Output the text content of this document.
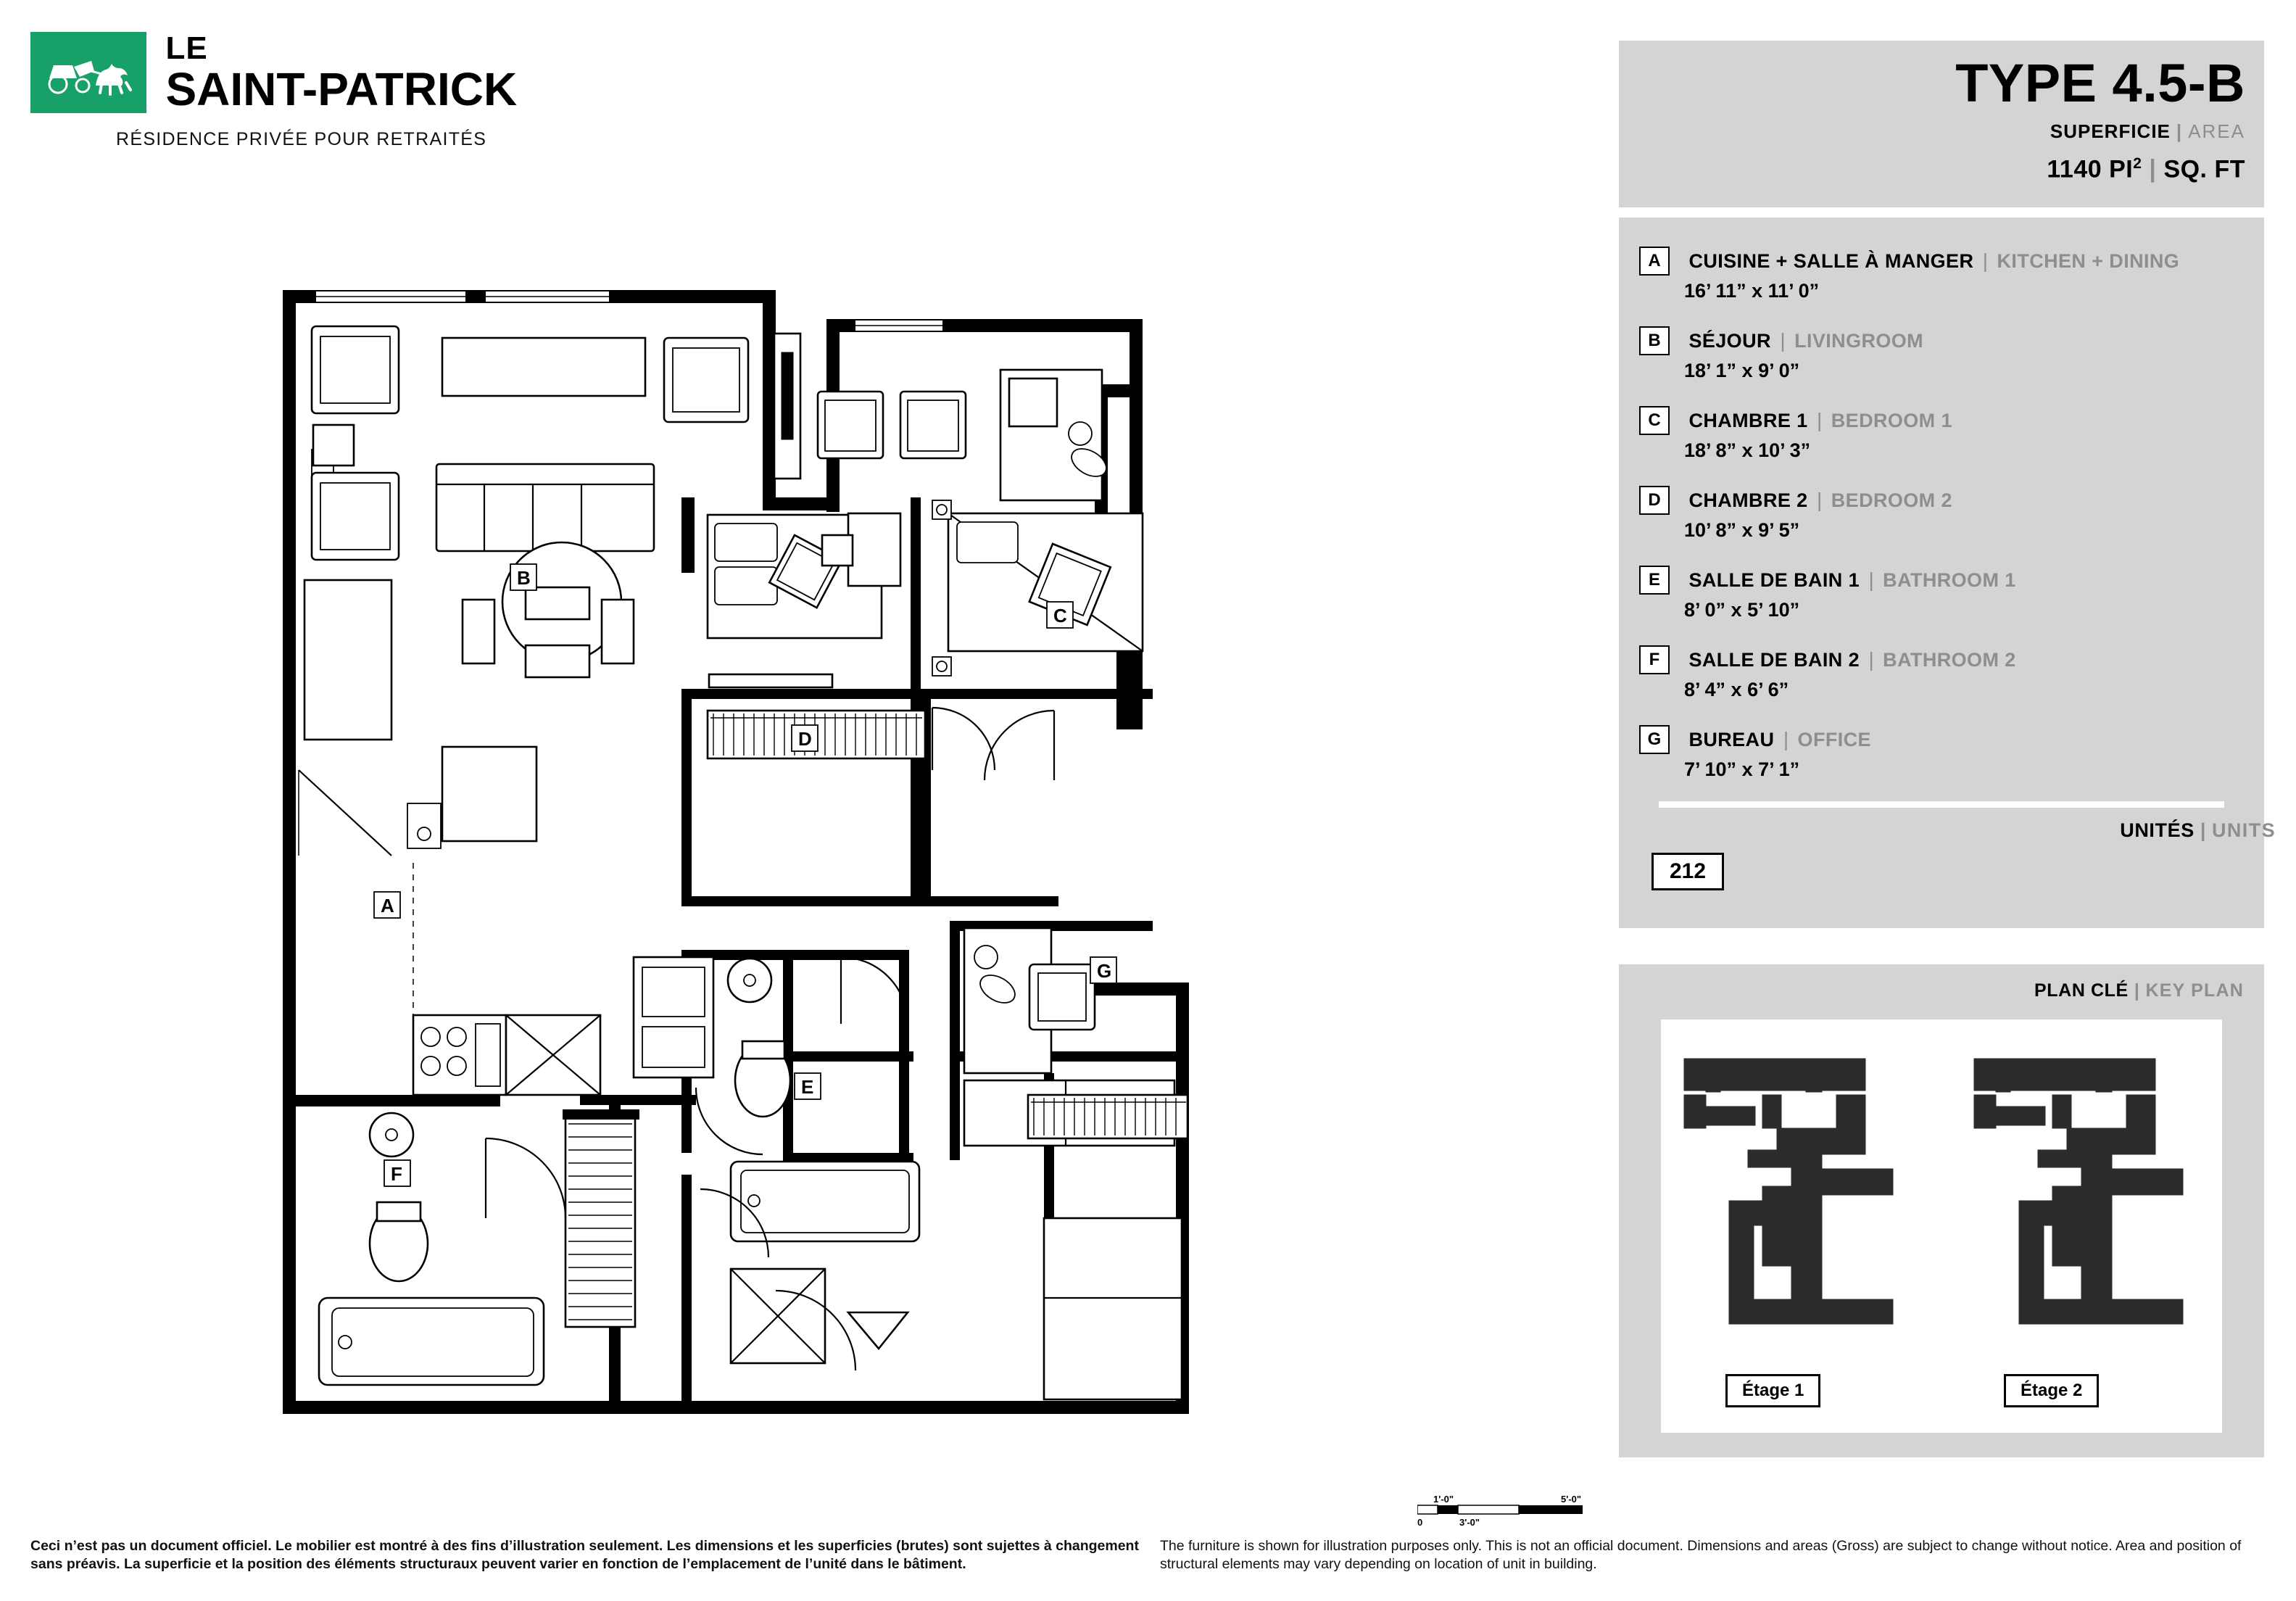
LE
SAINT-PATRICK
RÉSIDENCE PRIVÉE POUR RETRAITÉS
TYPE 4.5-B
SUPERFICIE | AREA
1140 $PI^2$ | SQ. FT
A CUISINE + SALLE À MANGER | KITCHEN + DINING
16’ 11” x 11’ 0”
B SÉJOUR | LIVINGROOM
18’ 1” x 9’ 0”
C CHAMBRE 1 | BEDROOM 1
18’ 8” x 10’ 3”
D CHAMBRE 2 | BEDROOM 2
10’ 8” x 9’ 5”
E SALLE DE BAIN 1 | BATHROOM 1
8’ 0” x 5’ 10”
F SALLE DE BAIN 2 | BATHROOM 2
8’ 4” x 6’ 6”
G BUREAU | OFFICE
7’ 10” x 7’ 1”
UNITÉS | UNITS
212
PLAN CLÉ | KEY PLAN
Étage 1	Étage 2
B
A
D
C
E
F
G
0
1'-0"
3'-0"
5'-0"
Ceci n’est pas un document officiel. Le mobilier est montré à des fins d’illustration seulement. Les dimensions et les superficies (brutes) sont sujettes à changement sans préavis. La superficie et la position des éléments structuraux peuvent varier en fonction de l’emplacement de l’unité dans le bâtiment.
The furniture is shown for illustration purposes only. This is not an official document. Dimensions and areas (Gross) are subject to change without notice. Area and position of structural elements may vary depending on location of unit in building.
